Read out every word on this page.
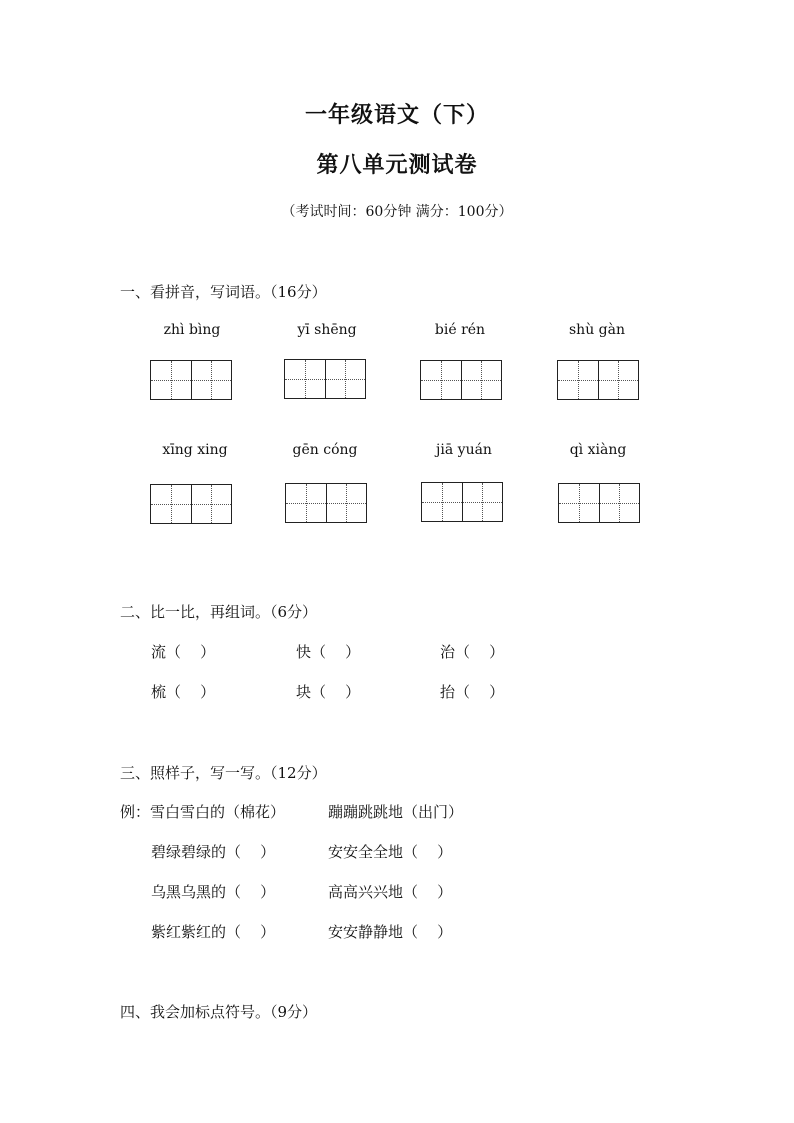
一年级语文（下）
第八单元测试卷
（考试时间：60分钟 满分：100分）
一、看拼音，写词语。（16分）
zhì bìng	yī shēng	bié rén	shù gàn
xīng xing	gēn cóng	jiā yuán	qì xiàng
二、比一比，再组词。（6分）
流（    ）	快（    ）	治（    ）
梳（    ）	块（    ）	抬（    ）
三、照样子，写一写。（12分）
例：雪白雪白的（棉花）	蹦蹦跳跳地（出门）
碧绿碧绿的（    ）	安安全全地（    ）
乌黑乌黑的（    ）	高高兴兴地（    ）
紫红紫红的（    ）	安安静静地（    ）
四、我会加标点符号。（9分）
